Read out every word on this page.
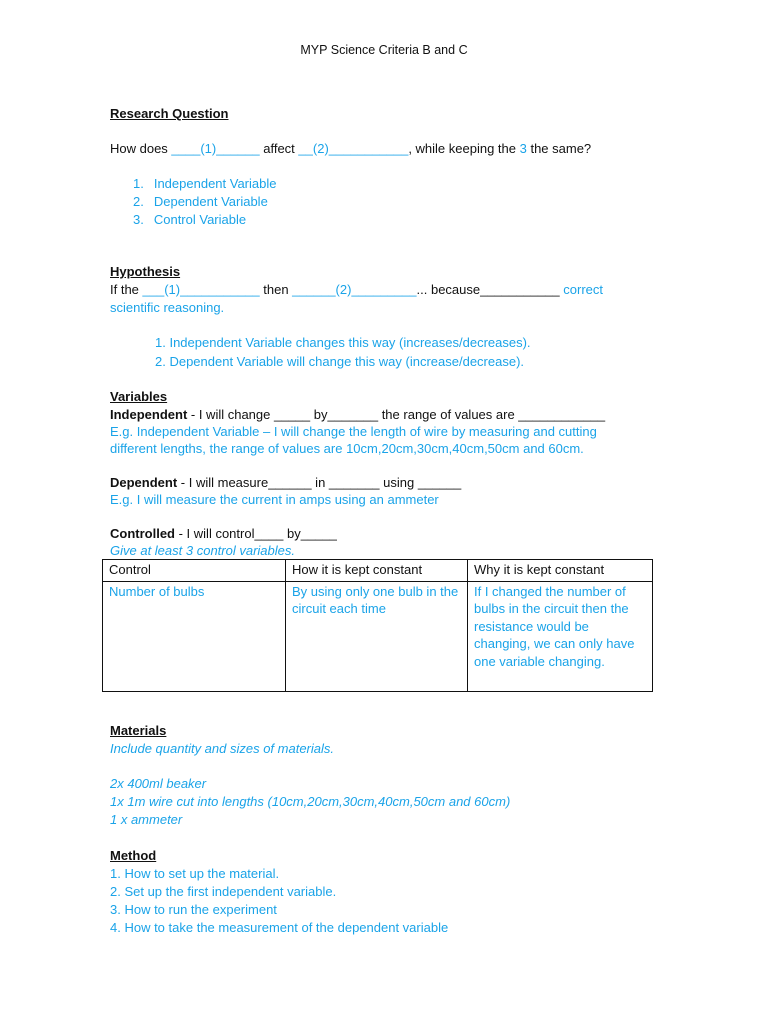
MYP Science Criteria B and C
Research Question
How does ____(1)______ affect __(2)___________, while keeping the 3 the same?
1. Independent Variable
2. Dependent Variable
3. Control Variable
Hypothesis
If the ___(1)___________ then ______(2)_________... because___________ correct
scientific reasoning.
1. Independent Variable changes this way (increases/decreases).
2. Dependent Variable will change this way (increase/decrease).
Variables
Independent - I will change _____ by_______ the range of values are ____________
E.g. Independent Variable – I will change the length of wire by measuring and cutting
different lengths, the range of values are 10cm,20cm,30cm,40cm,50cm and 60cm.
Dependent - I will measure______ in _______ using ______
E.g. I will measure the current in amps using an ammeter
Controlled - I will control____ by_____
Give at least 3 control variables.
Control	How it is kept constant	Why it is kept constant
Number of bulbs	By using only one bulb in the circuit each time	If I changed the number of bulbs in the circuit then the resistance would be changing, we can only have one variable changing.
Materials
Include quantity and sizes of materials.
2x 400ml beaker
1x 1m wire cut into lengths (10cm,20cm,30cm,40cm,50cm and 60cm)
1 x ammeter
Method
1. How to set up the material.
2. Set up the first independent variable.
3. How to run the experiment
4. How to take the measurement of the dependent variable
